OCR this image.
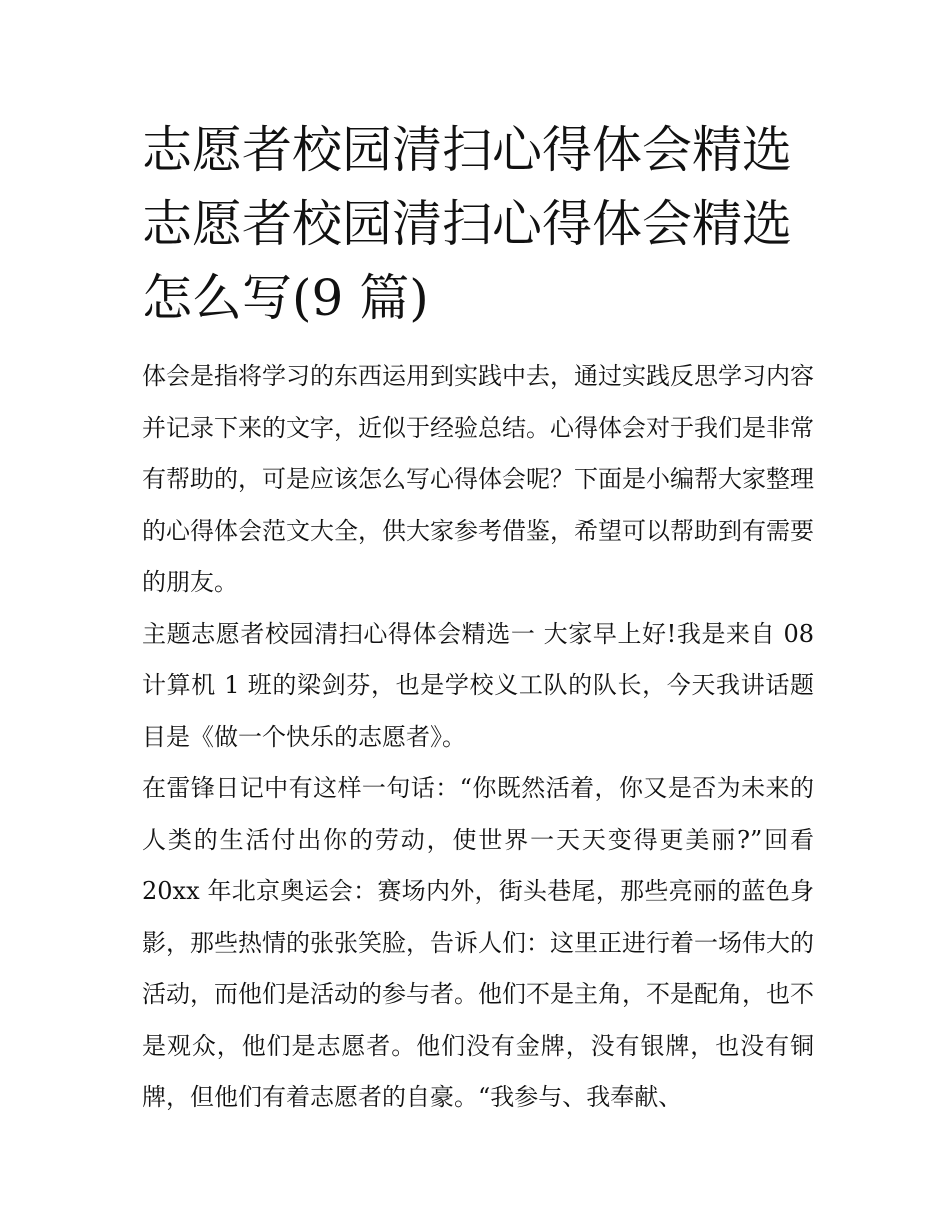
志愿者校园清扫心得体会精选
志愿者校园清扫心得体会精选
怎么写(9 篇)

体会是指将学习的东西运用到实践中去，通过实践反思学习内容并记录下来的文字，近似于经验总结。心得体会对于我们是非常有帮助的，可是应该怎么写心得体会呢？下面是小编帮大家整理的心得体会范文大全，供大家参考借鉴，希望可以帮助到有需要的朋友。

主题志愿者校园清扫心得体会精选一 大家早上好!我是来自 08 计算机 1 班的梁剑芬，也是学校义工队的队长，今天我讲话题目是《做一个快乐的志愿者》。

在雷锋日记中有这样一句话：“你既然活着，你又是否为未来的人类的生活付出你的劳动，使世界一天天变得更美丽?”回看 20xx 年北京奥运会：赛场内外，街头巷尾，那些亮丽的蓝色身影，那些热情的张张笑脸，告诉人们：这里正进行着一场伟大的活动，而他们是活动的参与者。他们不是主角，不是配角，也不是观众，他们是志愿者。他们没有金牌，没有银牌，也没有铜牌，但他们有着志愿者的自豪。“我参与、我奉献、
